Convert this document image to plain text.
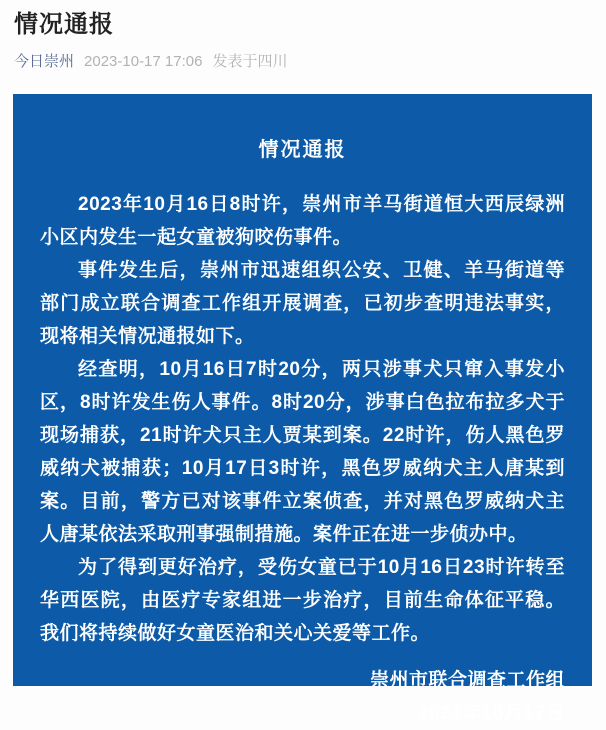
情况通报
今日崇州 2023-10-17 17:06 发表于四川
情况通报

2023年10月16日8时许，崇州市羊马街道恒大西辰绿洲小区内发生一起女童被狗咬伤事件。

事件发生后，崇州市迅速组织公安、卫健、羊马街道等部门成立联合调查工作组开展调查，已初步查明违法事实，现将相关情况通报如下。

经查明，10月16日7时20分，两只涉事犬只窜入事发小区，8时许发生伤人事件。8时20分，涉事白色拉布拉多犬于现场捕获，21时许犬只主人贾某到案。22时许，伤人黑色罗威纳犬被捕获；10月17日3时许，黑色罗威纳犬主人唐某到案。目前，警方已对该事件立案侦查，并对黑色罗威纳犬主人唐某依法采取刑事强制措施。案件正在进一步侦办中。

为了得到更好治疗，受伤女童已于10月16日23时许转至华西医院，由医疗专家组进一步治疗，目前生命体征平稳。我们将持续做好女童医治和关心关爱等工作。

崇州市联合调查工作组
2023年10月17日
